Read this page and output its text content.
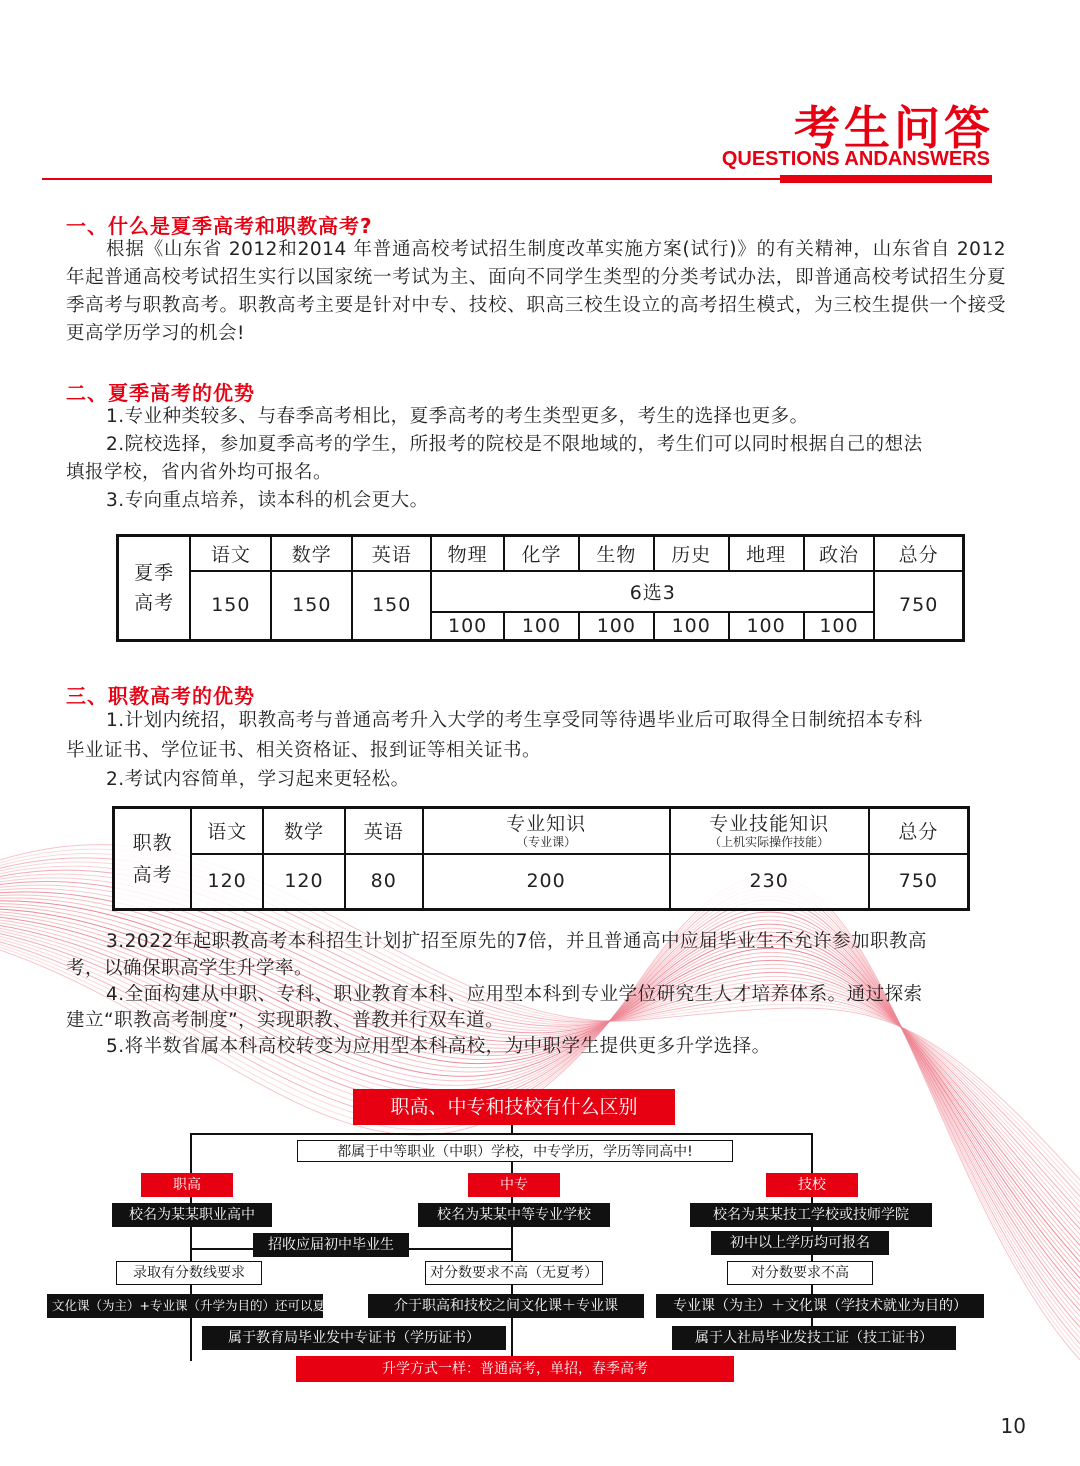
考生问答
QUESTIONS ANDANSWERS
一、什么是夏季高考和职教高考?
根据《山东省 2012和2014 年普通高校考试招生制度改革实施方案(试行)》的有关精神，山东省自 2012年起普通高校考试招生实行以国家统一考试为主、面向不同学生类型的分类考试办法，即普通高校考试招生分夏季高考与职教高考。职教高考主要是针对中专、技校、职高三校生设立的高考招生模式，为三校生提供一个接受更高学历学习的机会!
二、夏季高考的优势
1.专业种类较多、与春季高考相比，夏季高考的考生类型更多，考生的选择也更多。
2.院校选择，参加夏季高考的学生，所报考的院校是不限地域的，考生们可以同时根据自己的想法
填报学校，省内省外均可报名。
3.专向重点培养，读本科的机会更大。
夏季
高考	语文	数学	英语	物理	化学	生物	历史	地理	政治	总分
	150	150	150	6选3						750
				100	100	100	100	100	100	
三、职教高考的优势
1.计划内统招，职教高考与普通高考升入大学的考生享受同等待遇毕业后可取得全日制统招本专科
毕业证书、学位证书、相关资格证、报到证等相关证书。
2.考试内容简单，学习起来更轻松。
职教
高考	语文	数学	英语	专业知识
（专业课）	专业技能知识
（上机实际操作技能）	总分
	120	120	80	200	230	750
3.2022年起职教高考本科招生计划扩招至原先的7倍，并且普通高中应届毕业生不允许参加职教高
考，以确保职高学生升学率。
4.全面构建从中职、专科、职业教育本科、应用型本科到专业学位研究生人才培养体系。通过探索
建立“职教高考制度”，实现职教、普教并行双车道。
5.将半数省属本科高校转变为应用型本科高校，为中职学生提供更多升学选择。
职高、中专和技校有什么区别
都属于中等职业（中职）学校，中专学历，学历等同高中!
职高	中专	技校
校名为某某职业高中	校名为某某中等专业学校	校名为某某技工学校或技师学院
招收应届初中毕业生	初中以上学历均可报名
录取有分数线要求	对分数要求不高（无夏考）	对分数要求不高
文化课（为主）+专业课（升学为目的）还可以夏考	介于职高和技校之间文化课＋专业课	专业课（为主）＋文化课（学技术就业为目的）
属于教育局毕业发中专证书（学历证书）	属于人社局毕业发技工证（技工证书）
升学方式一样：普通高考，单招，春季高考
10
